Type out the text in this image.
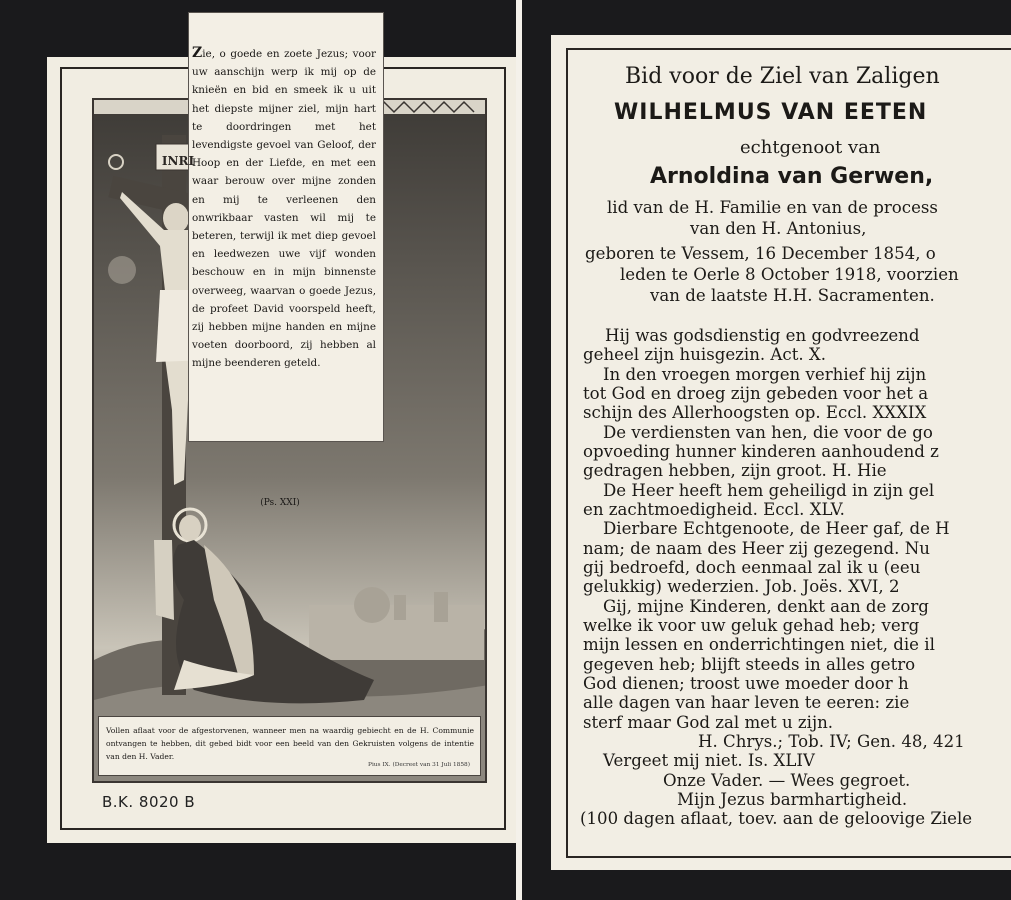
Zie, o goede en zoete Jezus; voor uw aanschijn werp ik mij op de knieën en bid en smeek ik u uit het diepste mijner ziel, mijn hart te doordringen met het levendigste gevoel van Geloof, der Hoop en der Liefde, en met een waar berouw over mijne zonden en mij te verleenen den onwrikbaar vasten wil mij te beteren, terwijl ik met diep gevoel en leedwezen uwe vijf wonden beschouw en in mijn binnenste overweeg, waarvan o goede Jezus, de profeet David voorspeld heeft, zij hebben mijne handen en mijne voeten doorboord, zij hebben al mijne beenderen geteld.
(Ps. XXI)
INRI
Vollen aflaat voor de afgestorvenen, wanneer men na waardig gebiecht en de H. Communie ontvangen te hebben, dit gebed bidt voor een beeld van den Gekruisten volgens de intentie van den H. Vader.
Pius IX. (Decreet van 31 Juli 1858)
B.K. 8020 B
Bid voor de Ziel van Zaligen
WILHELMUS VAN EETEN
echtgenoot van
Arnoldina van Gerwen,
lid van de H. Familie en van de process
van den H. Antonius,
geboren te Vessem, 16 December 1854, o
leden te Oerle 8 October 1918, voorzien
van de laatste H.H. Sacramenten.
Hij was godsdienstig en godvreezend
geheel zijn huisgezin. Act. X.
In den vroegen morgen verhief hij zijn
tot God en droeg zijn gebeden voor het a
schijn des Allerhoogsten op. Eccl. XXXIX
De verdiensten van hen, die voor de go
opvoeding hunner kinderen aanhoudend z
gedragen hebben, zijn groot. H. Hie
De Heer heeft hem geheiligd in zijn gel
en zachtmoedigheid. Eccl. XLV.
Dierbare Echtgenoote, de Heer gaf, de H
nam; de naam des Heer zij gezegend. Nu
gij bedroefd, doch eenmaal zal ik u (eeu
gelukkig) wederzien. Job. Joës. XVI, 2
Gij, mijne Kinderen, denkt aan de zorg
welke ik voor uw geluk gehad heb; verg
mijn lessen en onderrichtingen niet, die il
gegeven heb; blijft steeds in alles getro
God dienen; troost uwe moeder door h
alle dagen van haar leven te eeren: zie
sterf maar God zal met u zijn.
H. Chrys.; Tob. IV; Gen. 48, 421
Vergeet mij niet. Is. XLIV
Onze Vader. — Wees gegroet.
Mijn Jezus barmhartigheid.
(100 dagen aflaat, toev. aan de geloovige Ziele
